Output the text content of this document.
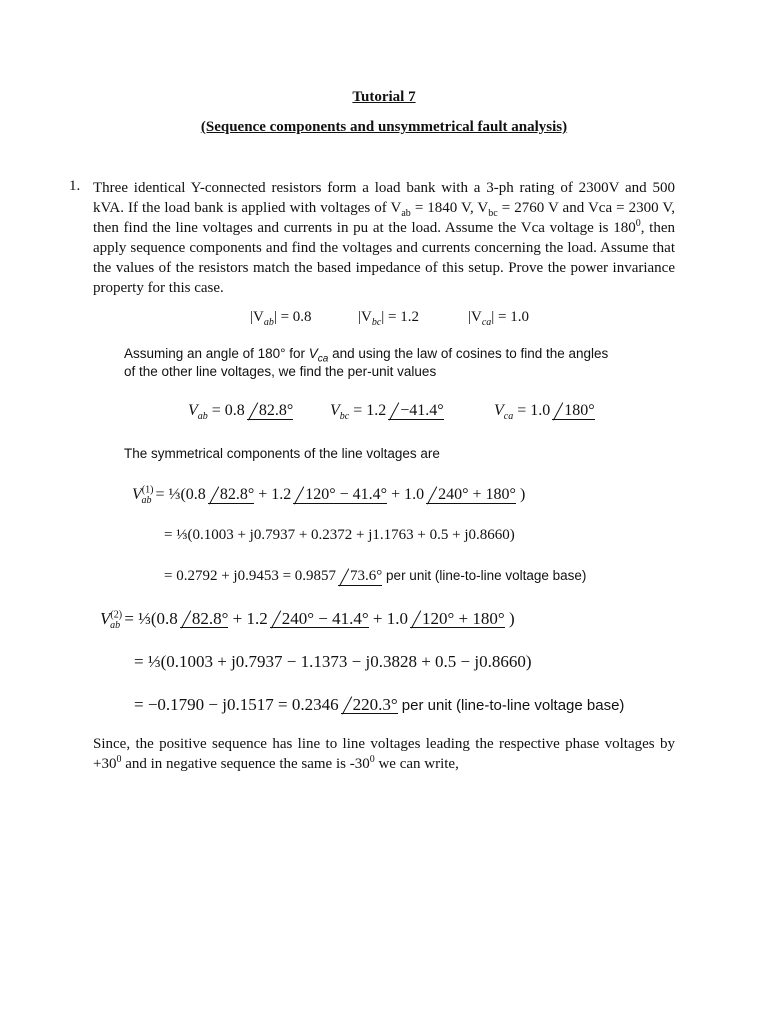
Tutorial 7
(Sequence components and unsymmetrical fault analysis)
1. Three identical Y-connected resistors form a load bank with a 3-ph rating of 2300V and 500 kVA. If the load bank is applied with voltages of $V_{ab} = 1840$ V, $V_{bc} = 2760$ V and Vca = 2300 V, then find the line voltages and currents in pu at the load. Assume the Vca voltage is $180^0$, then apply sequence components and find the voltages and currents concerning the load. Assume that the values of the resistors match the based impedance of this setup. Prove the power invariance property for this case.
$|V_{ab}| = 0.8$	$|V_{bc}| = 1.2$	$|V_{ca}| = 1.0$
Assuming an angle of 180° for $V_{ca}$ and using the law of cosines to find the angles
of the other line voltages, we find the per-unit values
$V_{ab} = 0.8$ 82.8° $V_{bc} = 1.2 -41.4^\circ$	$V_{ca} = 1.0$ 180°
The symmetrical components of the line voltages are
$V^{(1)}_{ab}$ = ⅓(0.8 82.8° + 1.2 120° − 41.4° + 1.0 240° + 180° )
= ⅓(0.1003 + j0.7937 + 0.2372 + j1.1763 + 0.5 + j0.8660)
= 0.2792 + j0.9453 = 0.9857 73.6° per unit (line-to-line voltage base)
$V^{(2)}_{ab}$ = ⅓(0.8 82.8° + 1.2 240° − 41.4° + 1.0 120° + 180° )
= ⅓(0.1003 + j0.7937 − 1.1373 − j0.3828 + 0.5 − j0.8660)
= −0.1790 − j0.1517 = 0.2346 220.3° per unit (line-to-line voltage base)
Since, the positive sequence has line to line voltages leading the respective phase voltages by $+30^0$ and in negative sequence the same is $-30^0$ we can write,
